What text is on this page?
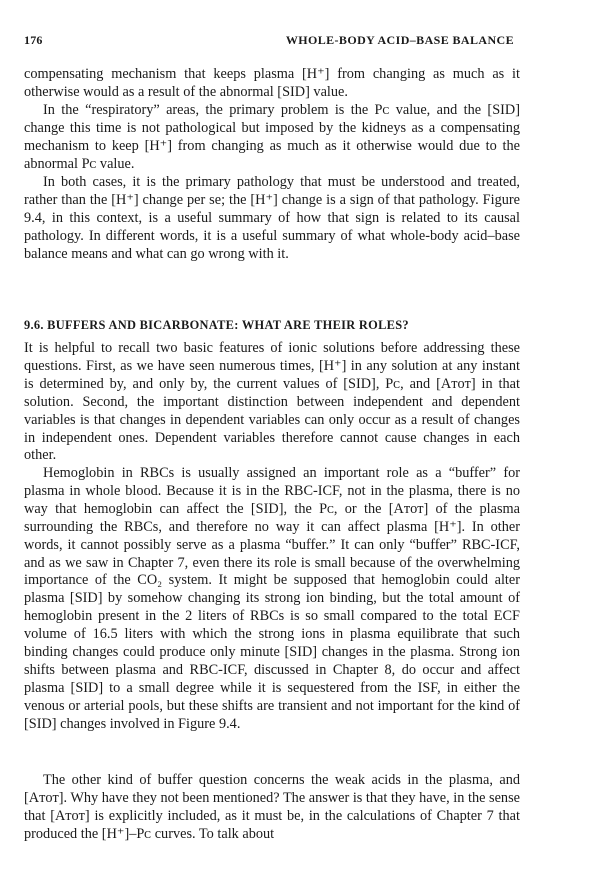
176	WHOLE-BODY ACID–BASE BALANCE

compensating mechanism that keeps plasma [H⁺] from changing as much as it otherwise would as a result of the abnormal [SID] value.

In the “respiratory” areas, the primary problem is the Pᴄ value, and the [SID] change this time is not pathological but imposed by the kidneys as a compensating mechanism to keep [H⁺] from changing as much as it otherwise would due to the abnormal Pᴄ value.

In both cases, it is the primary pathology that must be understood and treated, rather than the [H⁺] change per se; the [H⁺] change is a sign of that pathology. Figure 9.4, in this context, is a useful summary of how that sign is related to its causal pathology. In different words, it is a useful summary of what whole-body acid–base balance means and what can go wrong with it.

9.6. BUFFERS AND BICARBONATE: WHAT ARE THEIR ROLES?

It is helpful to recall two basic features of ionic solutions before addressing these questions. First, as we have seen numerous times, [H⁺] in any solution at any instant is determined by, and only by, the current values of [SID], Pᴄ, and [Aᴛᴏᴛ] in that solution. Second, the important distinction between independent and dependent variables is that changes in dependent variables can only occur as a result of changes in independent ones. Dependent variables therefore cannot cause changes in each other.

Hemoglobin in RBCs is usually assigned an important role as a “buffer” for plasma in whole blood. Because it is in the RBC-ICF, not in the plasma, there is no way that hemoglobin can affect the [SID], the Pᴄ, or the [Aᴛᴏᴛ] of the plasma surrounding the RBCs, and therefore no way it can affect plasma [H⁺]. In other words, it cannot possibly serve as a plasma “buffer.” It can only “buffer” RBC-ICF, and as we saw in Chapter 7, even there its role is small because of the overwhelming importance of the CO₂ system. It might be supposed that hemoglobin could alter plasma [SID] by somehow changing its strong ion binding, but the total amount of hemoglobin present in the 2 liters of RBCs is so small compared to the total ECF volume of 16.5 liters with which the strong ions in plasma equilibrate that such binding changes could produce only minute [SID] changes in the plasma. Strong ion shifts between plasma and RBC-ICF, discussed in Chapter 8, do occur and affect plasma [SID] to a small degree while it is sequestered from the ISF, in either the venous or arterial pools, but these shifts are transient and not important for the kind of [SID] changes involved in Figure 9.4.

The other kind of buffer question concerns the weak acids in the plasma, and [Aᴛᴏᴛ]. Why have they not been mentioned? The answer is that they have, in the sense that [Aᴛᴏᴛ] is explicitly included, as it must be, in the calculations of Chapter 7 that produced the [H⁺]–Pᴄ curves. To talk about
